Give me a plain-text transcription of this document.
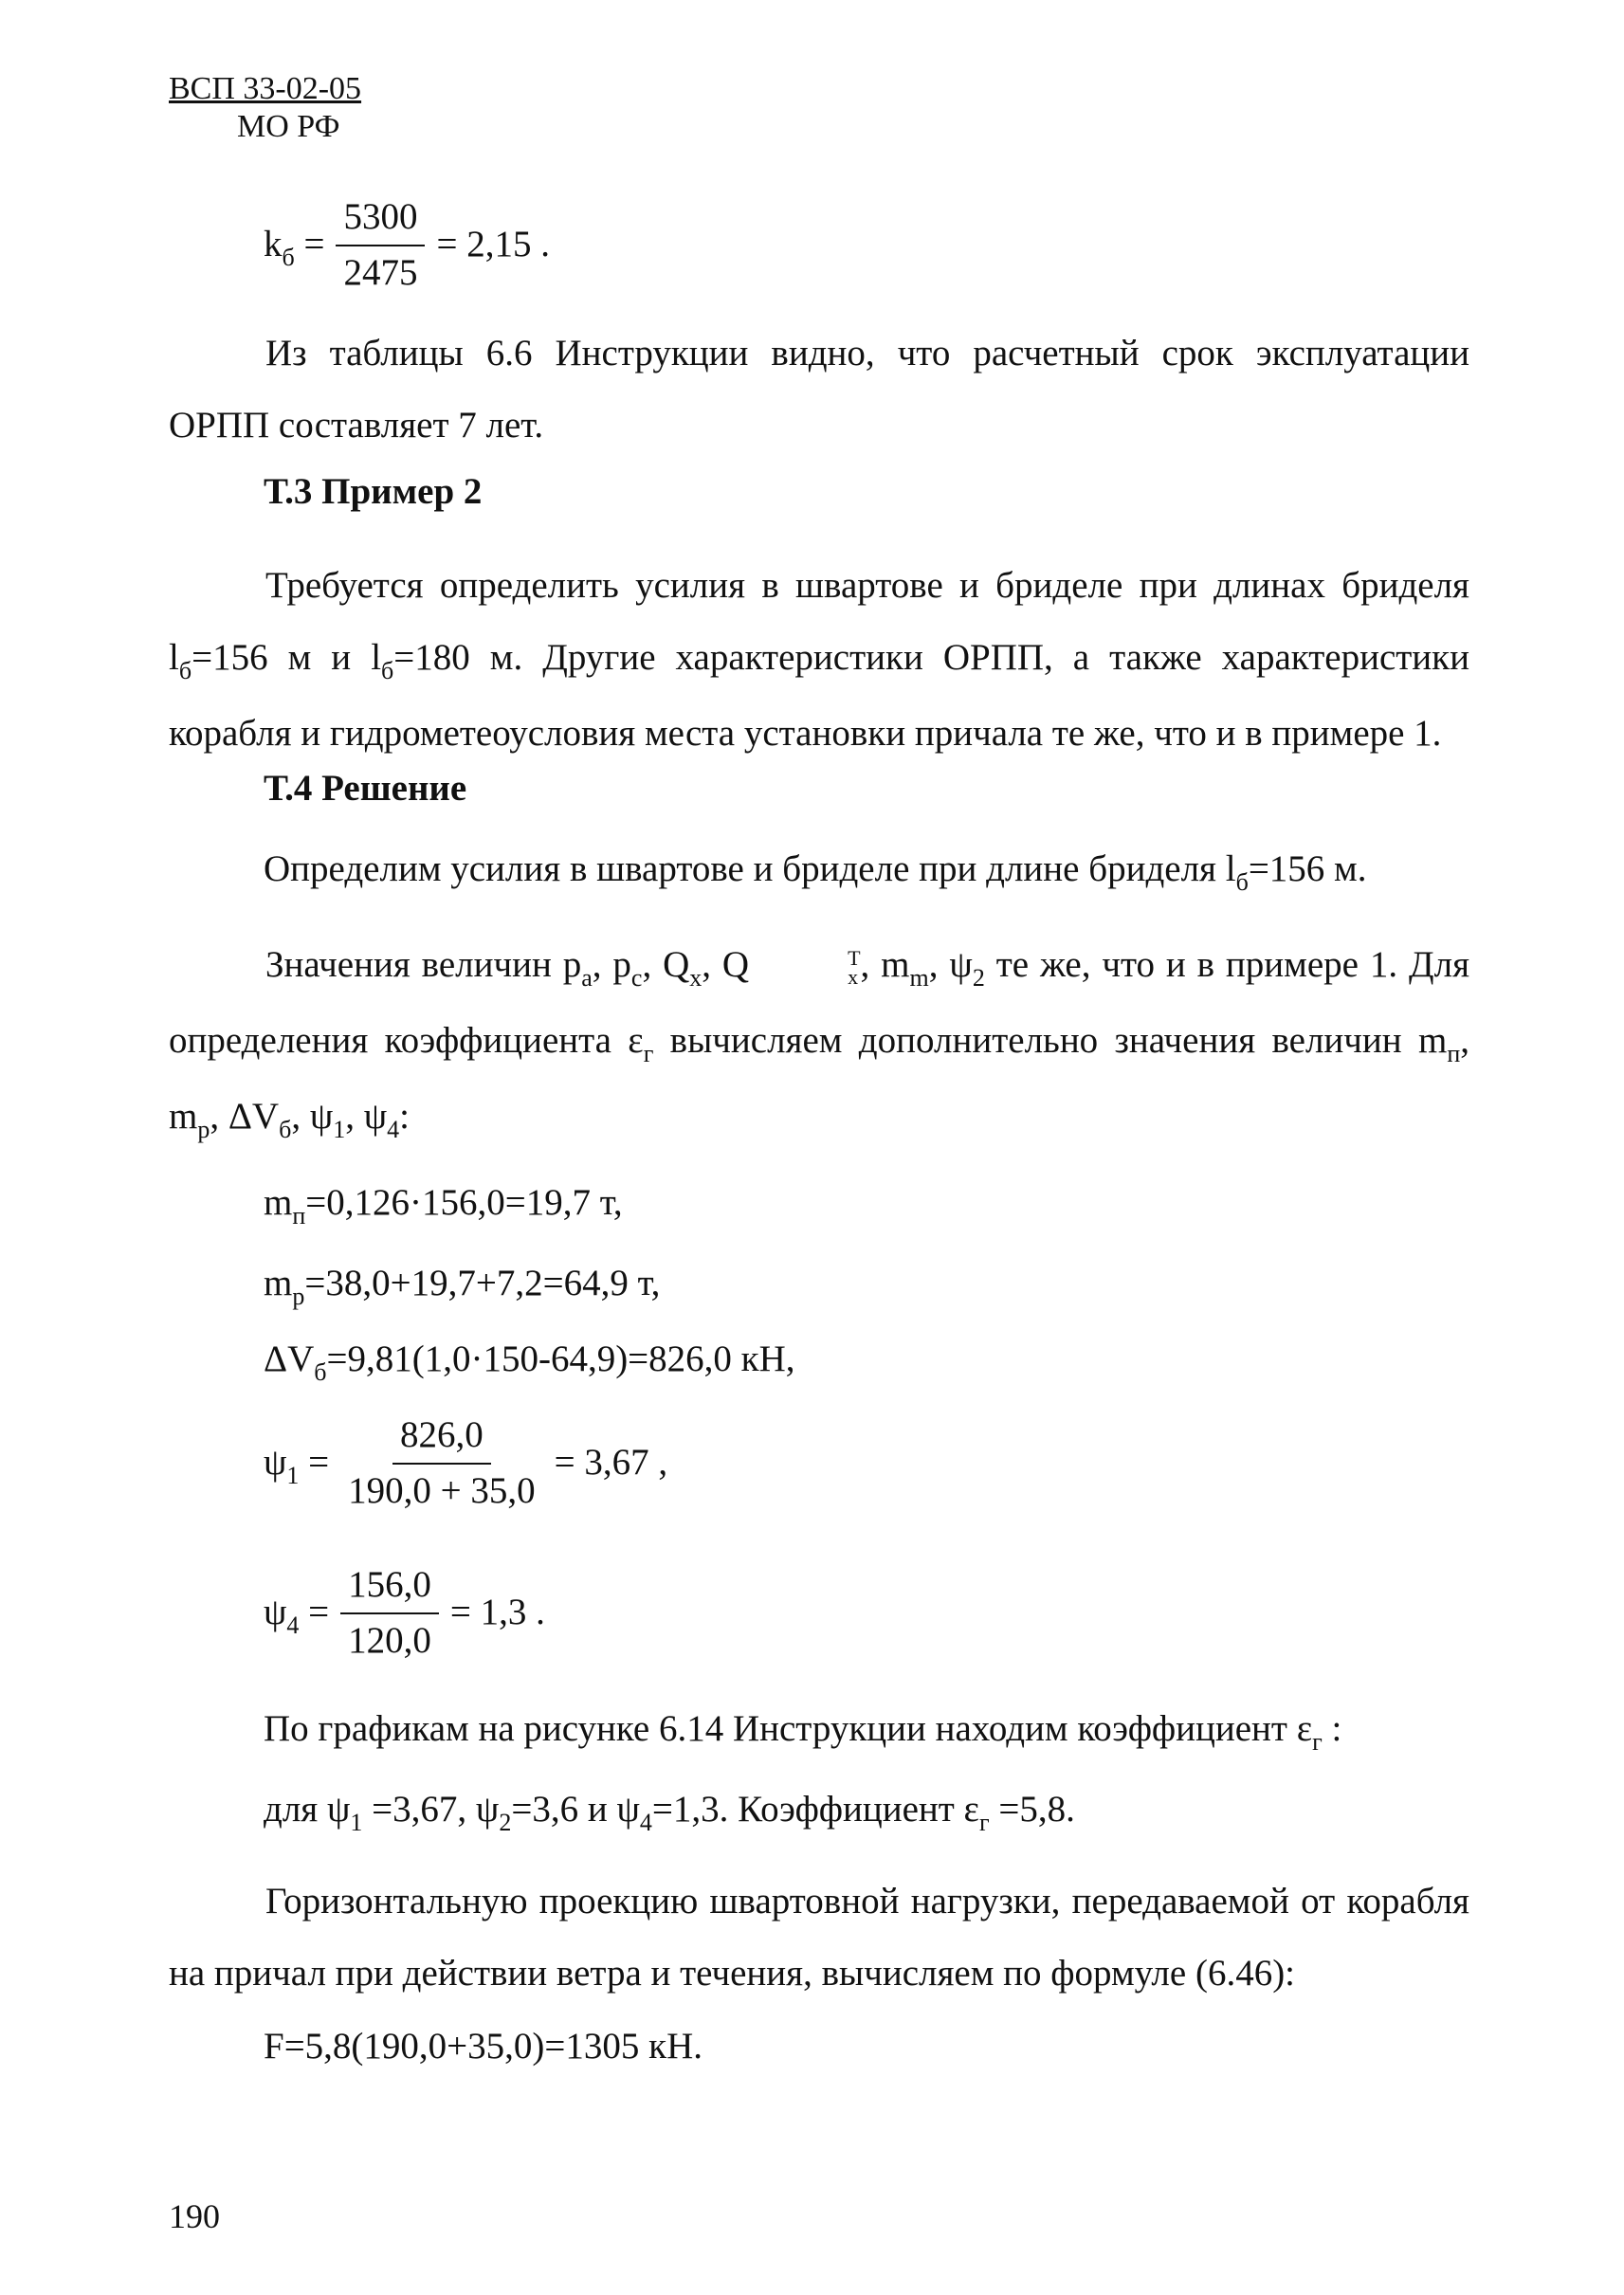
ВСП 33-02-05
МО РФ
$k_б = \frac{5300}{2475} = 2,15$ .
Из таблицы 6.6 Инструкции видно, что расчетный срок эксплуатации ОРПП составляет 7 лет.
Т.3 Пример 2
Требуется определить усилия в швартове и бриделе при длинах бриделя $l_б=156$ м и $l_б=180$ м. Другие характеристики ОРПП, а также характеристики корабля и гидрометеоусловия места установки причала те же, что и в примере 1.
Т.4 Решение
Определим усилия в швартове и бриделе при длине бриделя $l_б=156$ м.
Значения величин $p_а$, $p_c$, $Q_x$, Q	Т
x , $m_m$, $\psi_2$ те же, что и в примере 1. Для определения коэффициента $\varepsilon_г$ вычисляем дополнительно значения величин $m_п$, $m_р$, $\Delta V_б$, $\psi_1$, $\psi_4$:
$m_п=0,126\cdot 156,0=19,7$ т,
$m_р=38,0+19,7+7,2=64,9$ т,
$\Delta V_б=9,81(1,0\cdot 150-64,9)=826,0$ кН,
$\psi_1 = \frac{826,0}{190,0 + 35,0} = 3,67$ ,
$\psi_4 = \frac{156,0}{120,0} = 1,3$ .
По графикам на рисунке 6.14 Инструкции находим коэффициент $\varepsilon_г$ :
для $\psi_1 =3,67$, $\psi_2=3,6$ и $\psi_4=1,3$. Коэффициент $\varepsilon_г =5,8$.
Горизонтальную проекцию швартовной нагрузки, передаваемой от корабля на причал при действии ветра и течения, вычисляем по формуле (6.46):
F=5,8(190,0+35,0)=1305 кН.
190
